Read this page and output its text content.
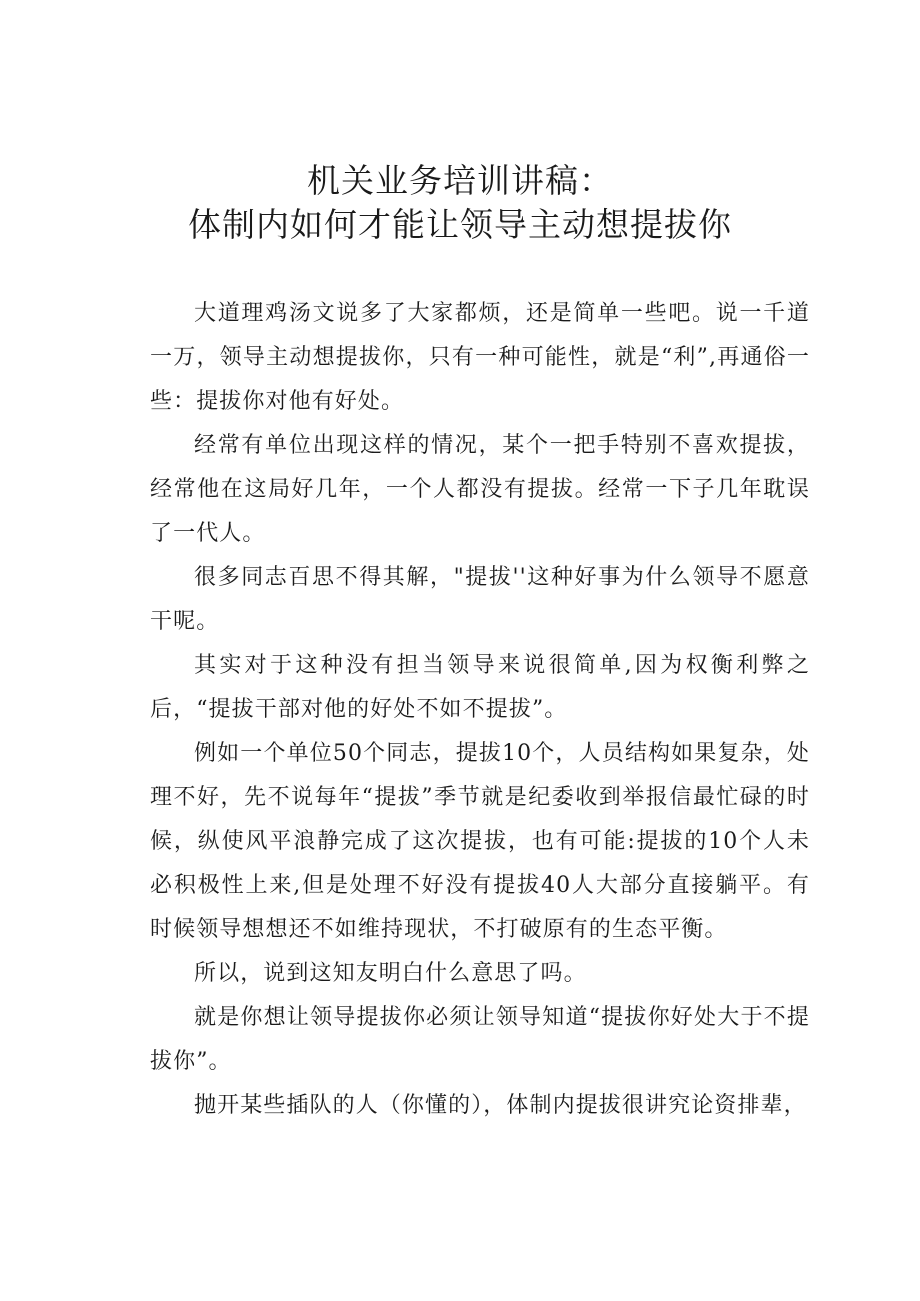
机关业务培训讲稿：
体制内如何才能让领导主动想提拔你

大道理鸡汤文说多了大家都烦，还是简单一些吧。说一千道一万，领导主动想提拔你，只有一种可能性，就是“利”,再通俗一些：提拔你对他有好处。

经常有单位出现这样的情况，某个一把手特别不喜欢提拔，经常他在这局好几年，一个人都没有提拔。经常一下子几年耽误了一代人。

很多同志百思不得其解，"提拔''这种好事为什么领导不愿意干呢。

其实对于这种没有担当领导来说很简单,因为权衡利弊之后，“提拔干部对他的好处不如不提拔”。

例如一个单位50个同志，提拔10个，人员结构如果复杂，处理不好，先不说每年“提拔”季节就是纪委收到举报信最忙碌的时候，纵使风平浪静完成了这次提拔，也有可能:提拔的10个人未必积极性上来,但是处理不好没有提拔40人大部分直接躺平。有时候领导想想还不如维持现状，不打破原有的生态平衡。

所以，说到这知友明白什么意思了吗。

就是你想让领导提拔你必须让领导知道“提拔你好处大于不提拔你”。

抛开某些插队的人（你懂的），体制内提拔很讲究论资排辈，
